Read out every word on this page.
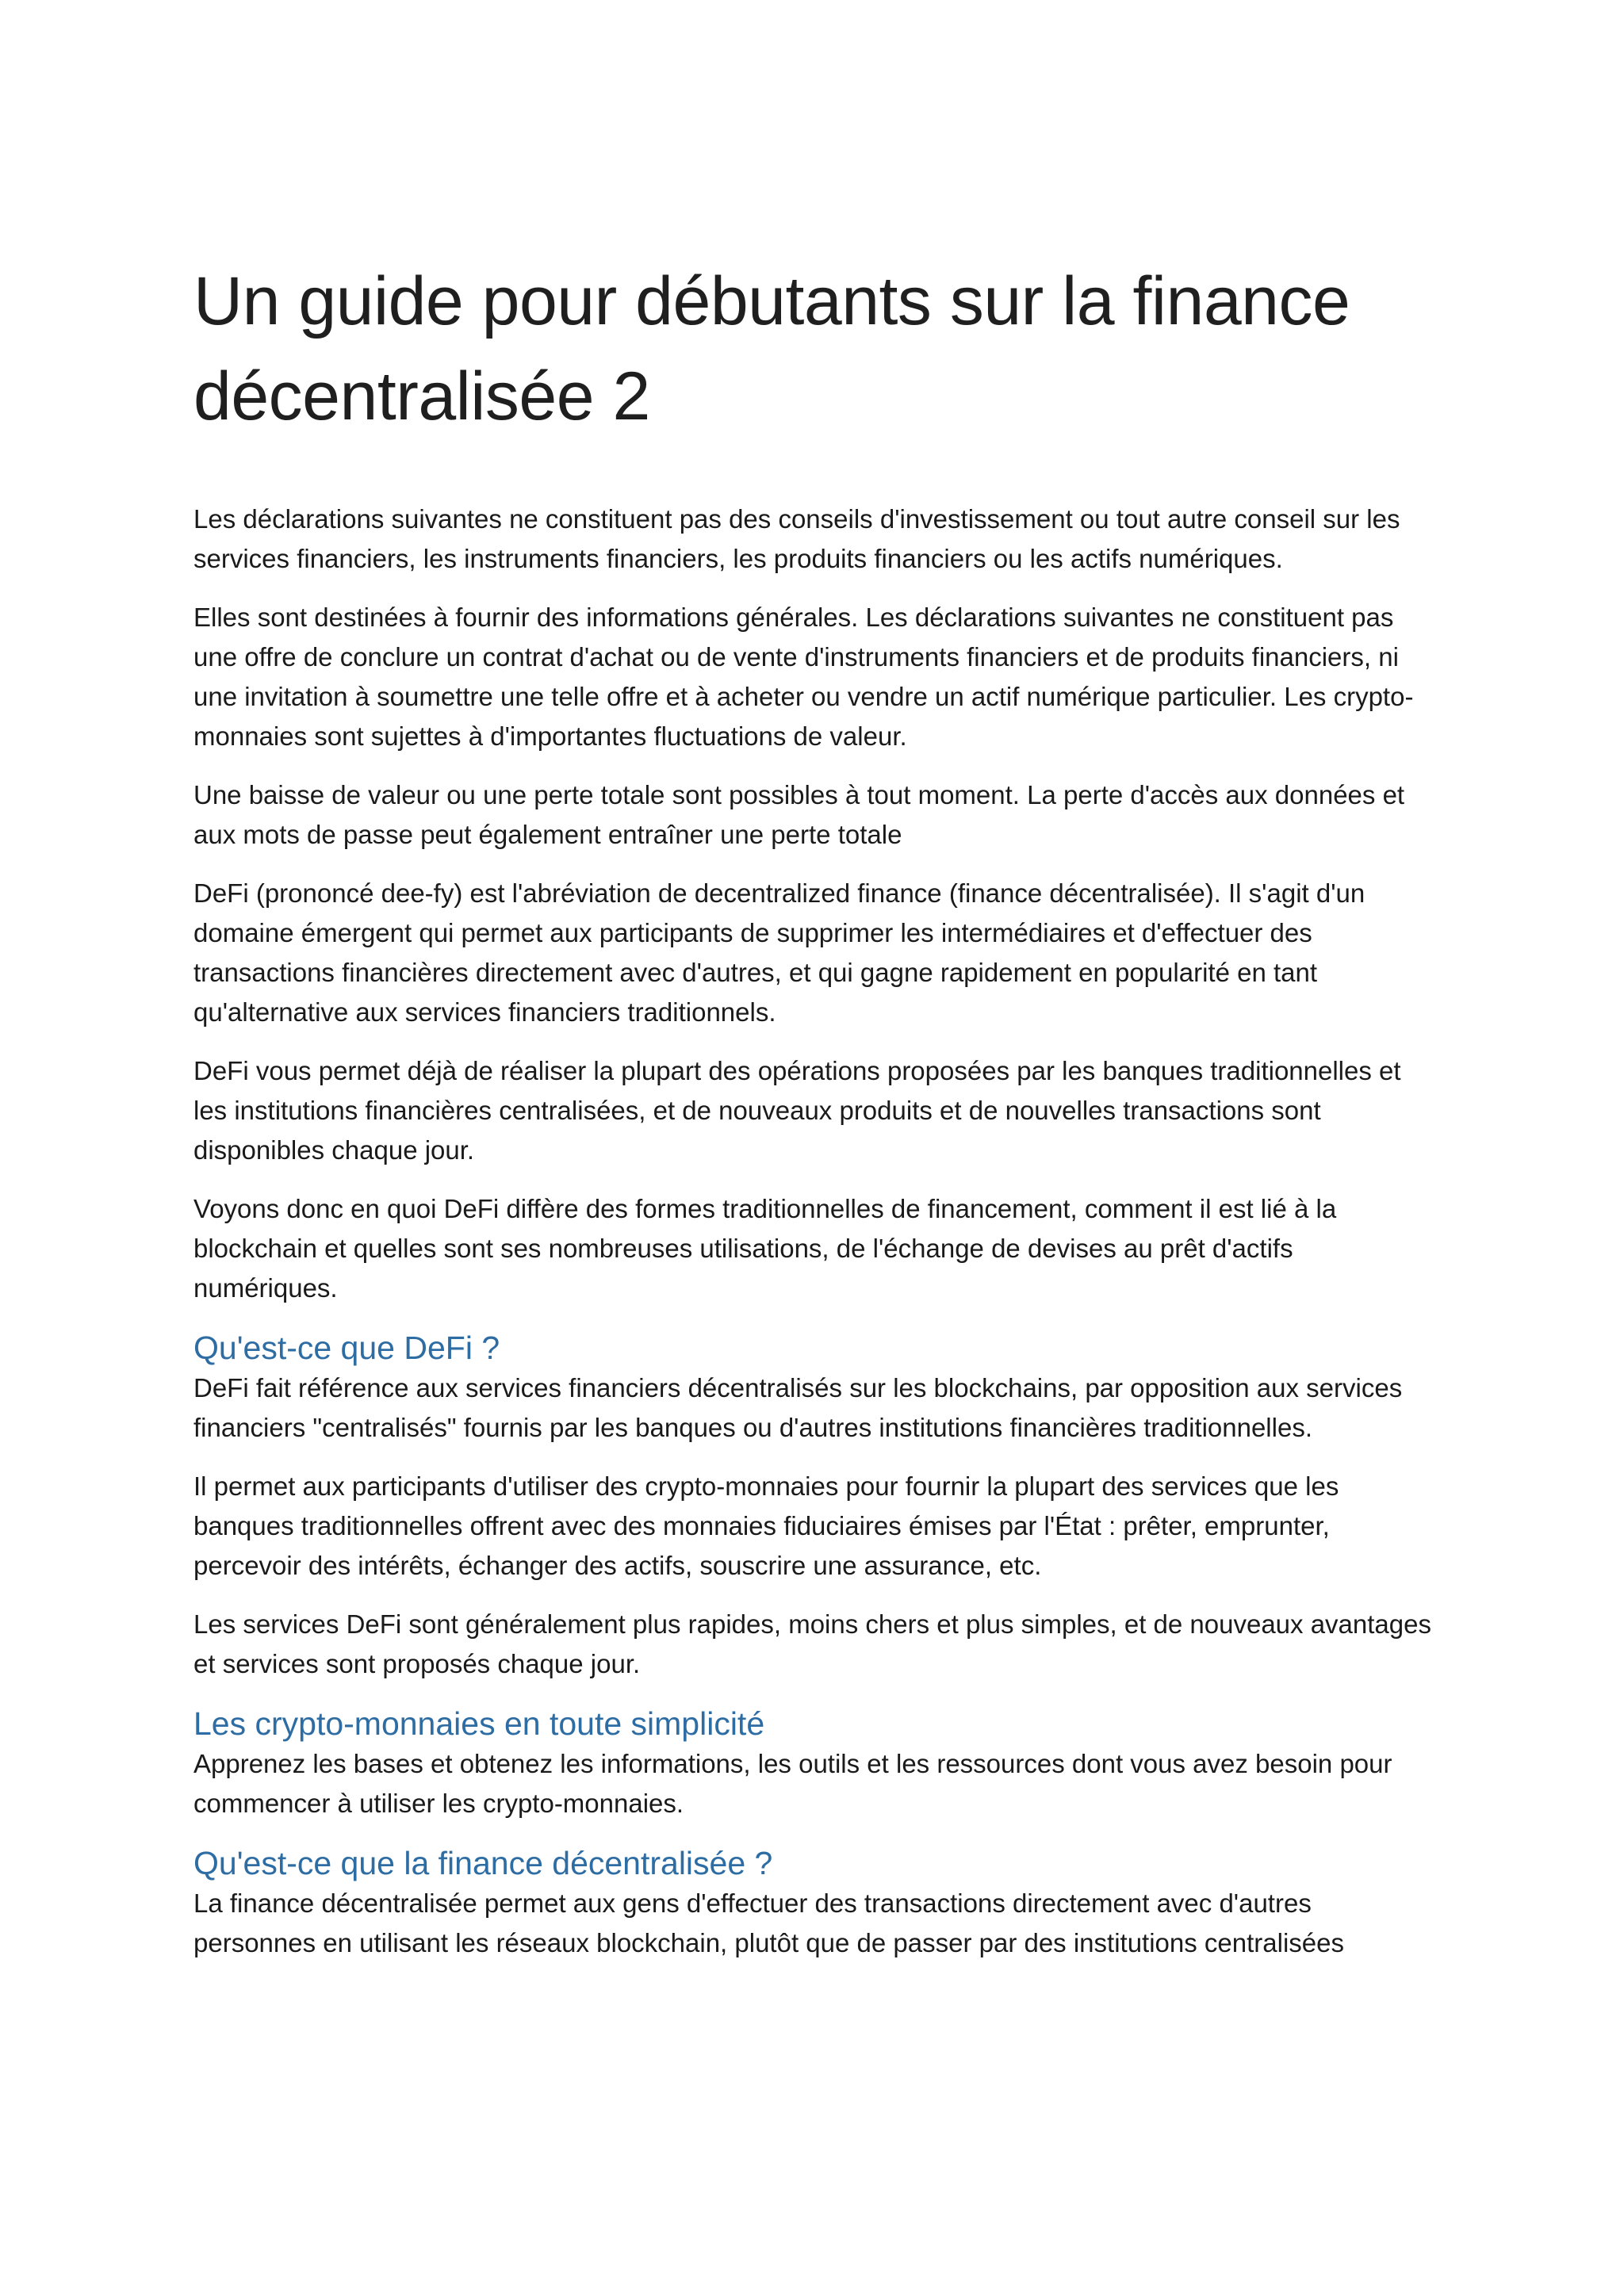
Un guide pour débutants sur la finance décentralisée 2

Les déclarations suivantes ne constituent pas des conseils d'investissement ou tout autre conseil sur les services financiers, les instruments financiers, les produits financiers ou les actifs numériques.

Elles sont destinées à fournir des informations générales. Les déclarations suivantes ne constituent pas une offre de conclure un contrat d'achat ou de vente d'instruments financiers et de produits financiers, ni une invitation à soumettre une telle offre et à acheter ou vendre un actif numérique particulier. Les crypto-monnaies sont sujettes à d'importantes fluctuations de valeur.

Une baisse de valeur ou une perte totale sont possibles à tout moment. La perte d'accès aux données et aux mots de passe peut également entraîner une perte totale

DeFi (prononcé dee-fy) est l'abréviation de decentralized finance (finance décentralisée). Il s'agit d'un domaine émergent qui permet aux participants de supprimer les intermédiaires et d'effectuer des transactions financières directement avec d'autres, et qui gagne rapidement en popularité en tant qu'alternative aux services financiers traditionnels.

DeFi vous permet déjà de réaliser la plupart des opérations proposées par les banques traditionnelles et les institutions financières centralisées, et de nouveaux produits et de nouvelles transactions sont disponibles chaque jour.

Voyons donc en quoi DeFi diffère des formes traditionnelles de financement, comment il est lié à la blockchain et quelles sont ses nombreuses utilisations, de l'échange de devises au prêt d'actifs numériques.

Qu'est-ce que DeFi ?

DeFi fait référence aux services financiers décentralisés sur les blockchains, par opposition aux services financiers "centralisés" fournis par les banques ou d'autres institutions financières traditionnelles.

Il permet aux participants d'utiliser des crypto-monnaies pour fournir la plupart des services que les banques traditionnelles offrent avec des monnaies fiduciaires émises par l'État : prêter, emprunter, percevoir des intérêts, échanger des actifs, souscrire une assurance, etc.

Les services DeFi sont généralement plus rapides, moins chers et plus simples, et de nouveaux avantages et services sont proposés chaque jour.

Les crypto-monnaies en toute simplicité

Apprenez les bases et obtenez les informations, les outils et les ressources dont vous avez besoin pour commencer à utiliser les crypto-monnaies.

Qu'est-ce que la finance décentralisée ?

La finance décentralisée permet aux gens d'effectuer des transactions directement avec d'autres personnes en utilisant les réseaux blockchain, plutôt que de passer par des institutions centralisées
